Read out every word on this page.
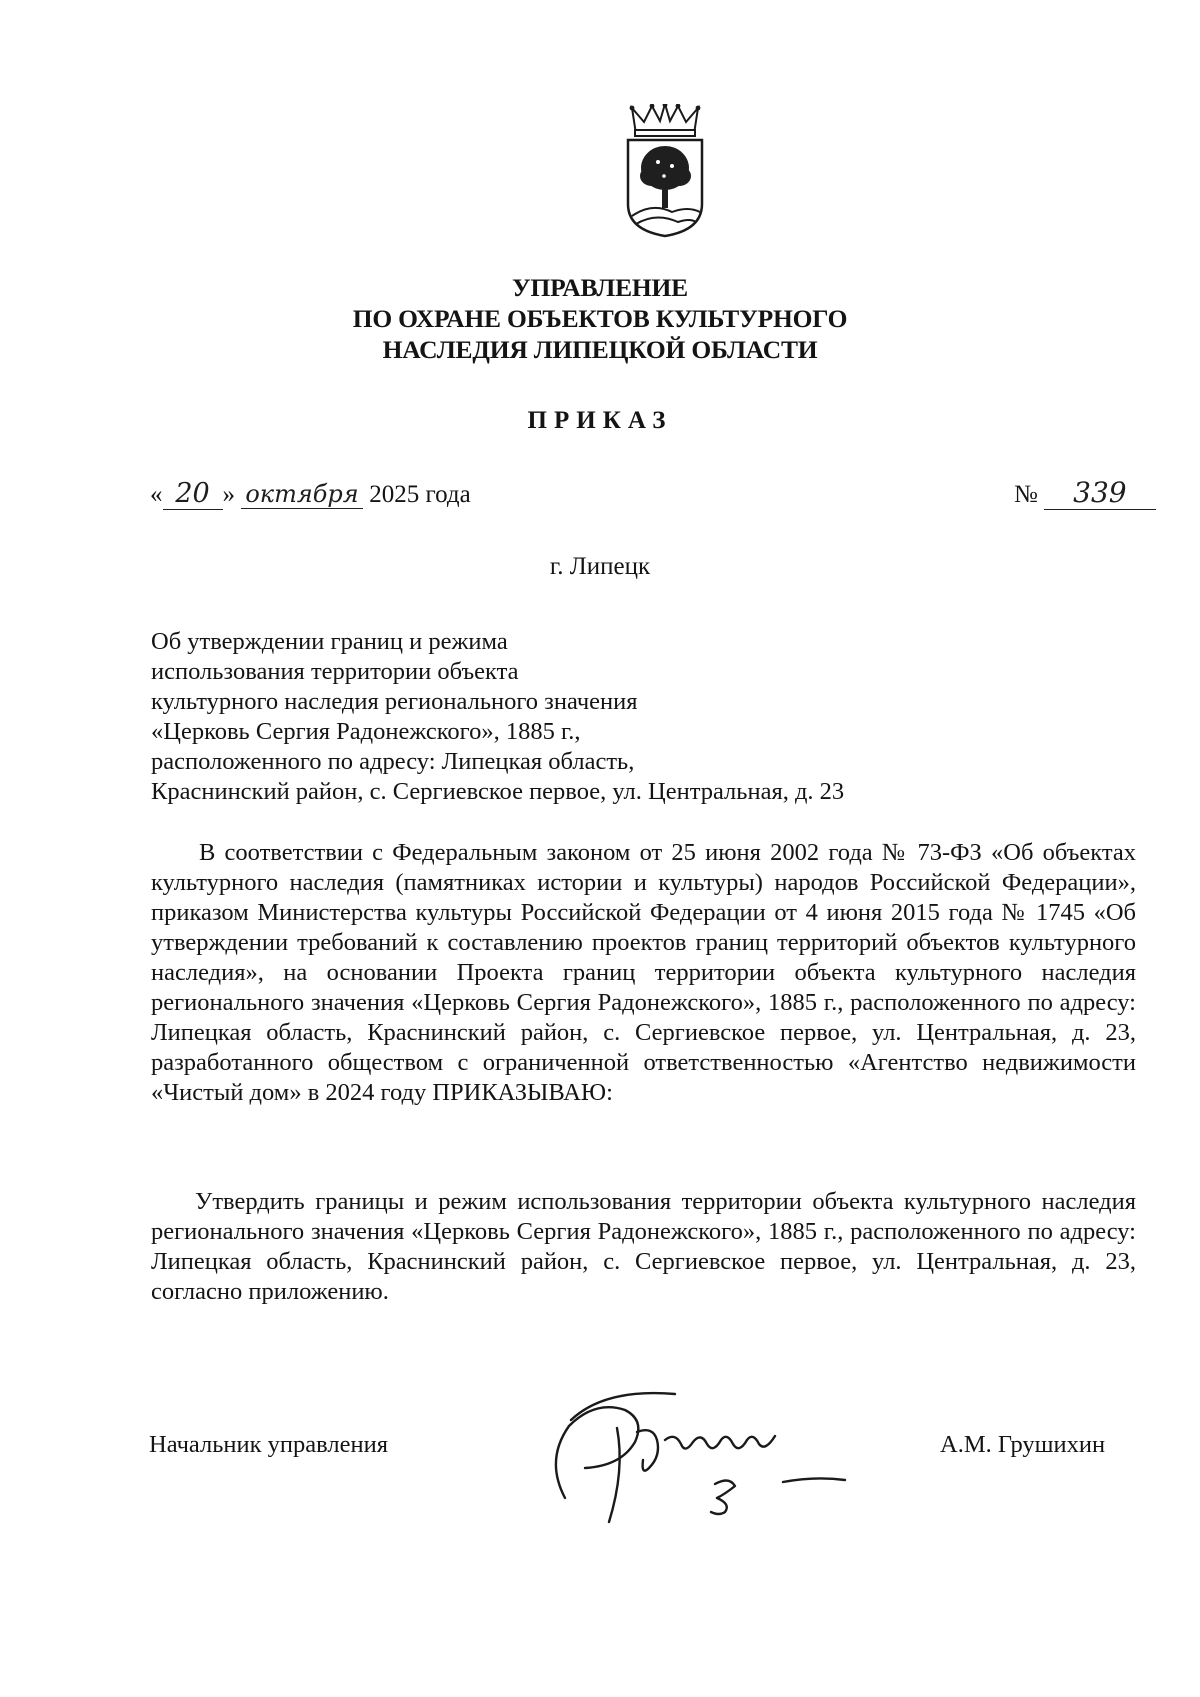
УПРАВЛЕНИЕ
ПО ОХРАНЕ ОБЪЕКТОВ КУЛЬТУРНОГО
НАСЛЕДИЯ ЛИПЕЦКОЙ ОБЛАСТИ
ПРИКАЗ
« 20 » октября 2025 года	№ 339
г. Липецк
Об утверждении границ и режима
использования территории объекта
культурного наследия регионального значения
«Церковь Сергия Радонежского», 1885 г.,
расположенного по адресу: Липецкая область,
Краснинский район, с. Сергиевское первое, ул. Центральная, д. 23

В соответствии с Федеральным законом от 25 июня 2002 года № 73-ФЗ «Об объектах культурного наследия (памятниках истории и культуры) народов Российской Федерации», приказом Министерства культуры Российской Федерации от 4 июня 2015 года № 1745 «Об утверждении требований к составлению проектов границ территорий объектов культурного наследия», на основании Проекта границ территории объекта культурного наследия регионального значения «Церковь Сергия Радонежского», 1885 г., расположенного по адресу: Липецкая область, Краснинский район, с. Сергиевское первое, ул. Центральная, д. 23, разработанного обществом с ограниченной ответственностью «Агентство недвижимости «Чистый дом» в 2024 году ПРИКАЗЫВАЮ:

Утвердить границы и режим использования территории объекта культурного наследия регионального значения «Церковь Сергия Радонежского», 1885 г., расположенного по адресу: Липецкая область, Краснинский район, с. Сергиевское первое, ул. Центральная, д. 23, согласно приложению.

Начальник управления	А.М. Грушихин
